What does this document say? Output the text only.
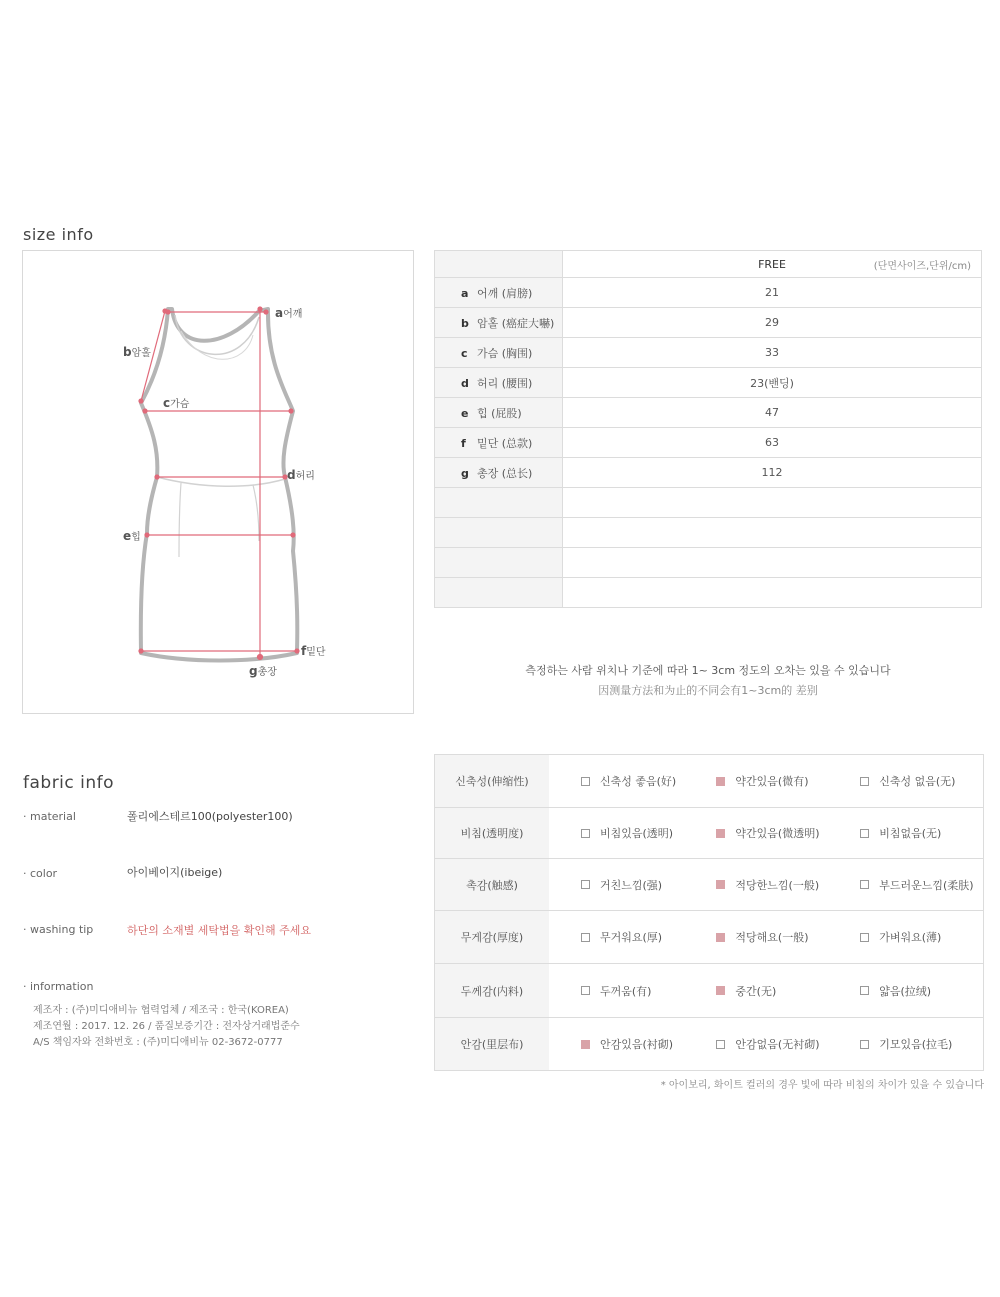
size info
a어깨
b암홀
c가슴
d허리
e힙
f밑단
g총장
	FREE (단면사이즈,단위/cm)

a 어깨 (肩膀)	21
b 암홀 (癌症大嚇)	29
c 가슴 (胸围)	33
d 허리 (腰围)	23(밴딩)
e 힙 (屁股)	47
f 밑단 (总款)	63
g 총장 (总长)	112

측정하는 사람 위치나 기준에 따라 1~ 3cm 정도의 오차는 있을 수 있습니다
因测量方法和为止的不同会有1~3cm的 差别
fabric info
· material	폴리에스테르100(polyester100)
· color	아이베이지(ibeige)
· washing tip	하단의 소재별 세탁법을 확인해 주세요
· information
제조자 : (주)미디애비뉴 협력업체 / 제조국 : 한국(KOREA)
제조연월 : 2017. 12. 26 / 품질보증기간 : 전자상거래법준수
A/S 책임자와 전화번호 : (주)미디애비뉴 02-3672-0777
신축성(伸缩性)	신축성 좋음(好)	약간있음(微有)	신축성 없음(无)

비침(透明度)	비침있음(透明)	약간있음(微透明)	비침없음(无)

촉감(触感)	거친느낌(强)	적당한느낌(一般)	부드러운느낌(柔肤)

무게감(厚度)	무거워요(厚)	적당해요(一般)	가벼워요(薄)

두께감(内料)	두꺼움(有)	중간(无)	얇음(拉绒)

안감(里层布)	안감있음(衬砌)	안감없음(无衬砌)	기모있음(拉毛)
* 아이보리, 화이트 컬러의 경우 빛에 따라 비침의 차이가 있을 수 있습니다
